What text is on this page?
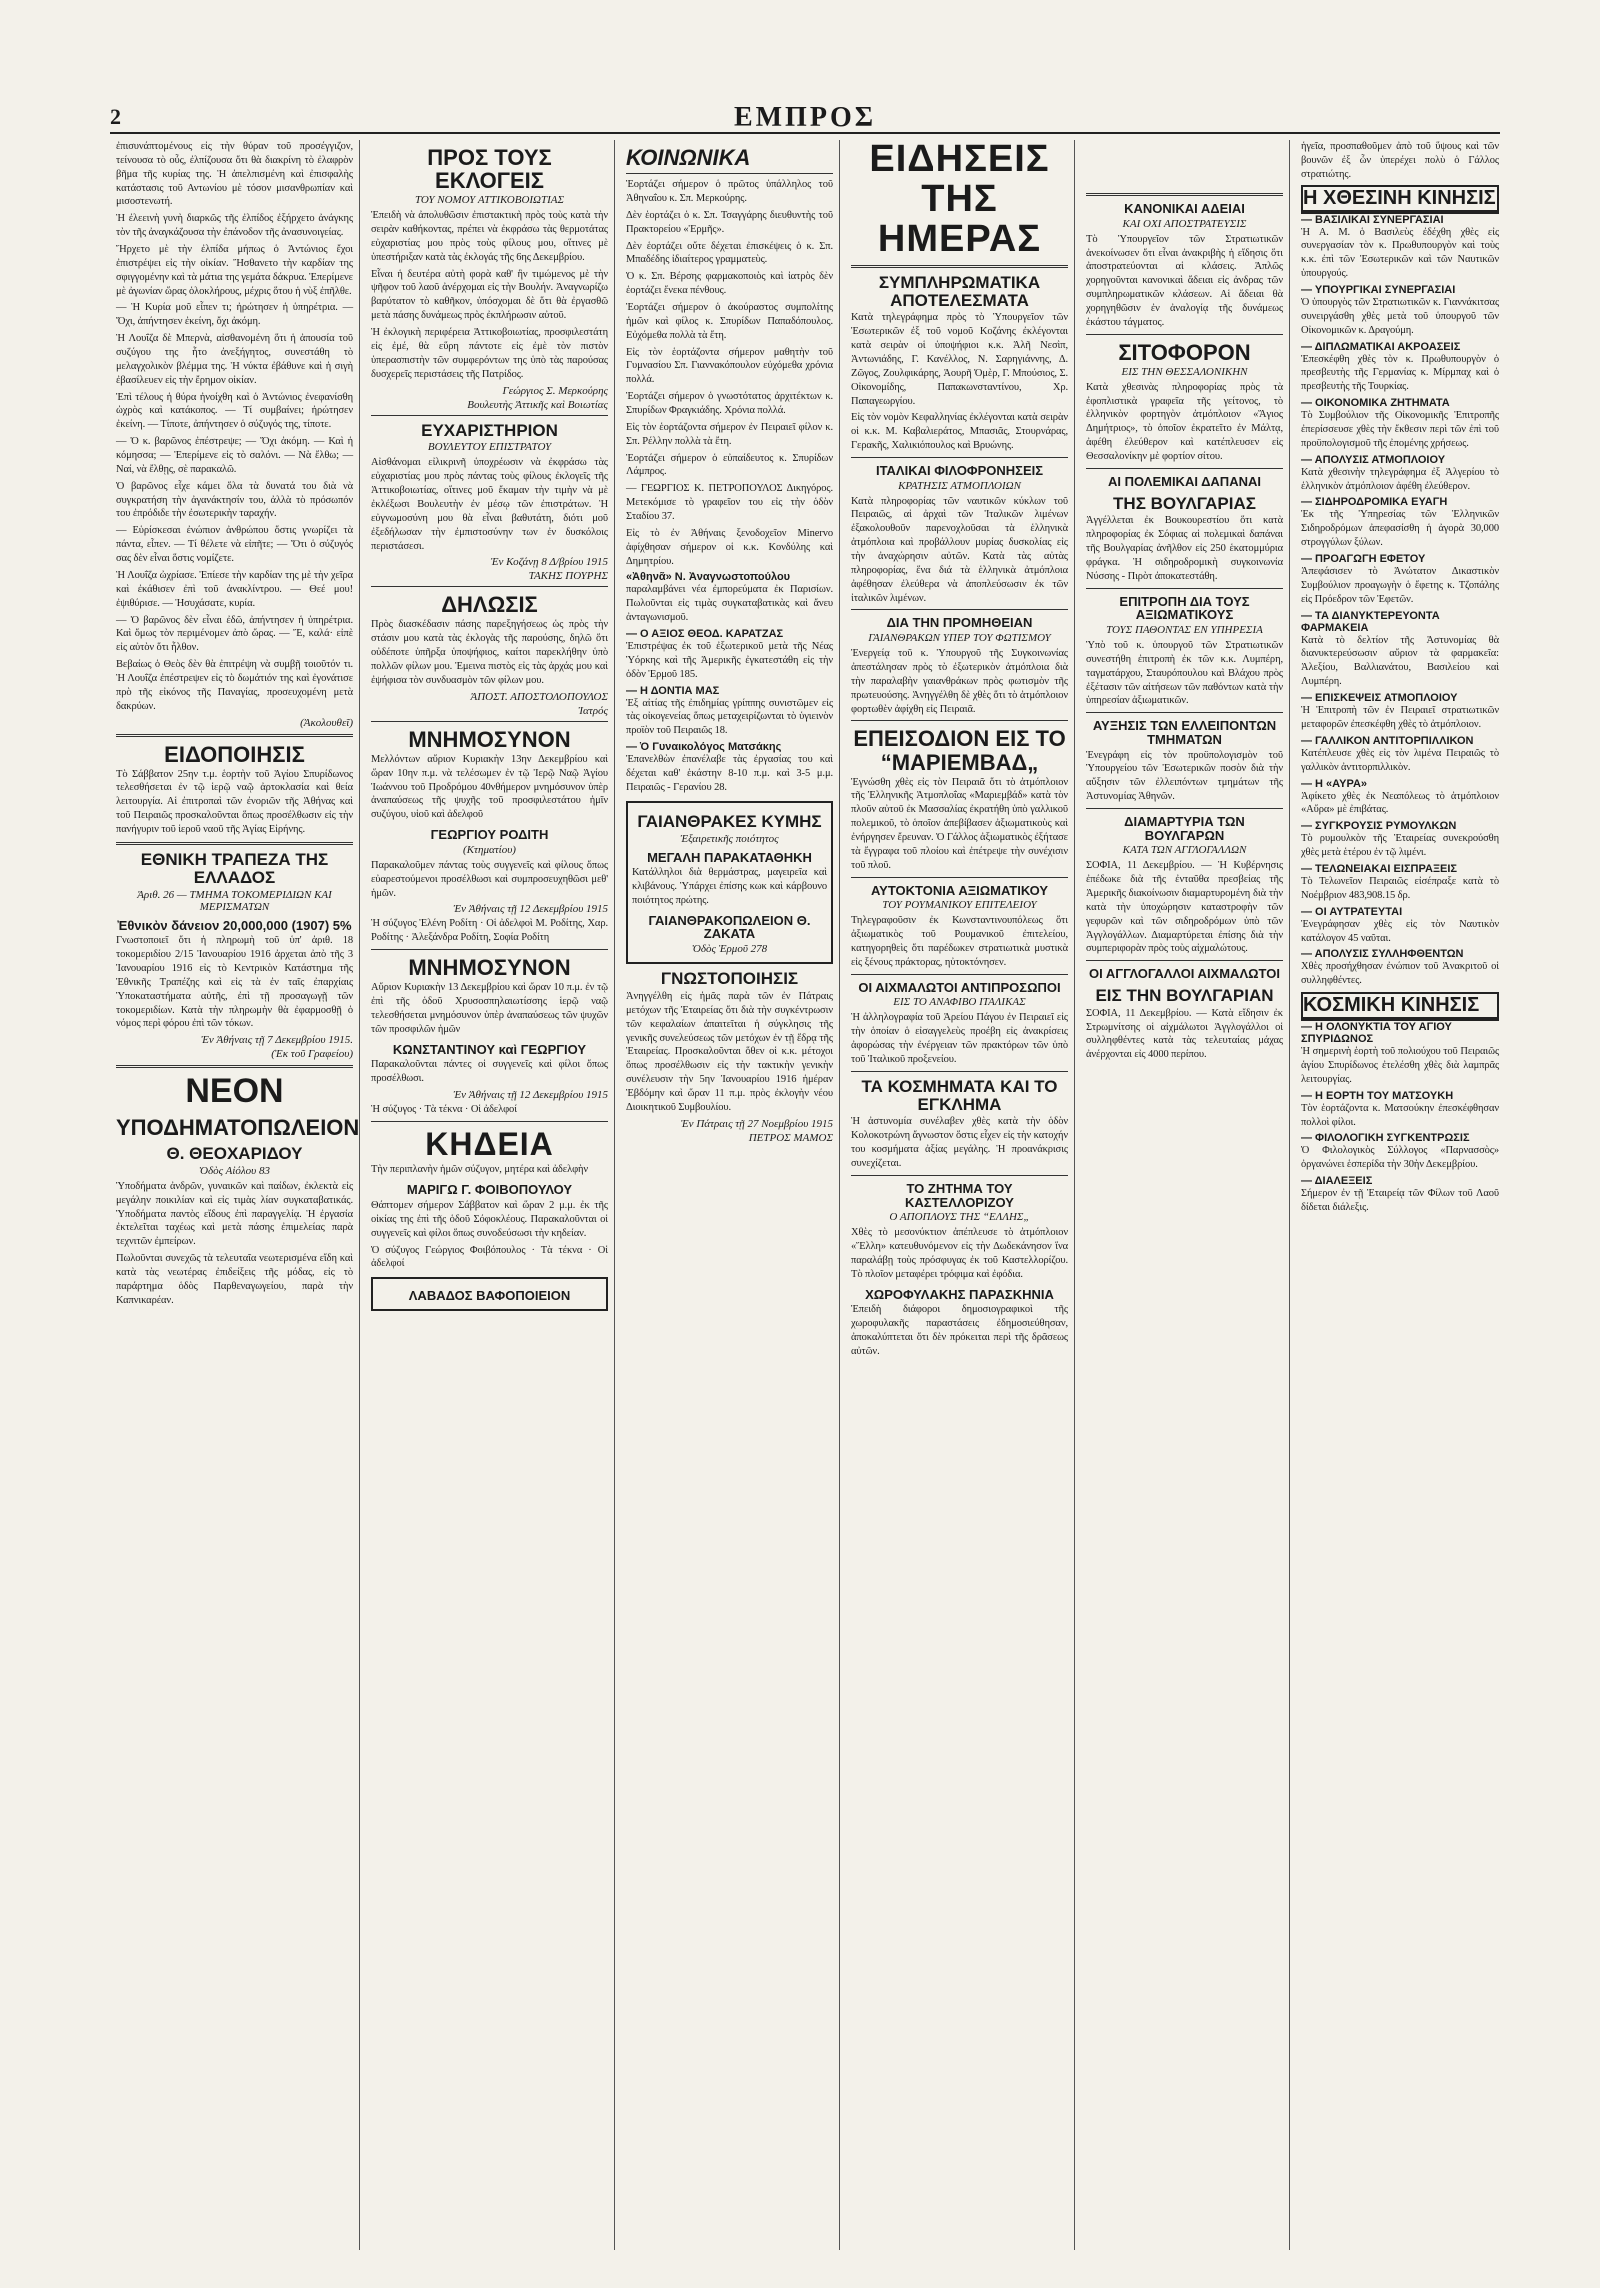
2	ΕΜΠΡΟΣ

ἐπισυνάπτομένους εἰς τὴν θύραν τοῦ προσέγγιζον, τείνουσα τὸ οὖς, ἐλπίζουσα ὅτι θὰ διακρίνη τὸ ἐλαφρὸν βῆμα τῆς κυρίας της. Ἡ ἀπελπισμένη καὶ ἐπισφαλὴς κατάστασις τοῦ Αντωνίου μὲ τόσον μισανθρωπίαν καὶ μισοστενωτή.

Ἡ ἐλεεινὴ γυνὴ διαρκῶς τῆς ἐλπίδος ἐξήρχετο ἀνάγκης τὸν τῆς ἀναγκάζουσα τὴν ἐπάνοδον τῆς ἀνασυνοιγείας.

Ἤρχετο μὲ τὴν ἐλπίδα μήπως ὁ Ἀντώνιος ἔχοι ἐπιστρέψει εἰς τὴν οἰκίαν. Ἤσθανετο τὴν καρδίαν της σφιγγομένην καὶ τὰ μάτια της γεμάτα δάκρυα. Ἐπερίμενε μὲ ἀγωνίαν ὥρας ὁλοκλήρους, μέχρις ὅτου ἡ νὺξ ἐπῆλθε.

— Ἡ Κυρία μοῦ εἶπεν τι; ἠρώτησεν ἡ ὑπηρέτρια. — Ὄχι, ἀπήντησεν ἐκείνη, ὄχι ἀκόμη.

Ἡ Λουΐζα δὲ Μπερνὰ, αἰσθανομένη ὅτι ἡ ἀπουσία τοῦ συζύγου της ἦτο ἀνεξήγητος, συνεστάθη τὸ μελαγχολικὸν βλέμμα της. Ἡ νύκτα ἐβάθυνε καὶ ἡ σιγὴ ἐβασίλευεν εἰς τὴν ἔρημον οἰκίαν.

Ἐπὶ τέλους ἡ θύρα ἠνοίχθη καὶ ὁ Ἀντώνιος ἐνεφανίσθη ὠχρὸς καὶ κατάκοπος. — Τί συμβαίνει; ἠρώτησεν ἐκείνη. — Τίποτε, ἀπήντησεν ὁ σύζυγός της, τίποτε.

— Ὁ κ. βαρῶνος ἐπέστρεψε; — Ὄχι ἀκόμη. — Καὶ ἡ κόμησσα; — Ἐπερίμενε εἰς τὸ σαλόνι. — Νὰ ἔλθω; — Ναί, νὰ ἔλθῃς, σὲ παρακαλῶ.

Ὁ βαρῶνος εἶχε κάμει ὅλα τὰ δυνατά του διὰ νὰ συγκρατήση τὴν ἀγανάκτησίν του, ἀλλὰ τὸ πρόσωπόν του ἐπρόδιδε τὴν ἐσωτερικὴν ταραχήν.

— Εὑρίσκεσαι ἐνώπιον ἀνθρώπου ὅστις γνωρίζει τὰ πάντα, εἶπεν. — Τί θέλετε νὰ εἰπῆτε; — Ὅτι ὁ σύζυγός σας δὲν εἶναι ὅστις νομίζετε.

Ἡ Λουΐζα ὠχρίασε. Ἐπίεσε τὴν καρδίαν της μὲ τὴν χεῖρα καὶ ἐκάθισεν ἐπὶ τοῦ ἀνακλίντρου. — Θεέ μου! ἐψιθύρισε. — Ἠσυχάσατε, κυρία.

— Ὁ βαρῶνος δὲν εἶναι ἐδῶ, ἀπήντησεν ἡ ὑπηρέτρια. Καὶ ὅμως τὸν περιμένομεν ἀπὸ ὥρας. — Ἔ, καλά· εἰπὲ εἰς αὐτὸν ὅτι ἦλθον.

Βεβαίως ὁ Θεὸς δὲν θὰ ἐπιτρέψη νὰ συμβῇ τοιοῦτόν τι. Ἡ Λουΐζα ἐπέστρεψεν εἰς τὸ δωμάτιόν της καὶ ἐγονάτισε πρὸ τῆς εἰκόνος τῆς Παναγίας, προσευχομένη μετὰ δακρύων.

(Ἀκολουθεῖ)
ΕΙΔΟΠΟΙΗΣΙΣ

Τὸ Σάββατον 25ην τ.μ. ἑορτὴν τοῦ Ἁγίου Σπυρίδωνος τελεσθήσεται ἐν τῷ ἱερῷ ναῷ ἀρτοκλασία καὶ θεία λειτουργία. Αἱ ἐπιτροπαὶ τῶν ἐνοριῶν τῆς Ἀθήνας καὶ τοῦ Πειραιῶς προσκαλοῦνται ὅπως προσέλθωσιν εἰς τὴν πανήγυριν τοῦ ἱεροῦ ναοῦ τῆς Ἁγίας Εἰρήνης.

ΕΘΝΙΚΗ ΤΡΑΠΕΖΑ ΤΗΣ ΕΛΛΑΔΟΣ
Ἀριθ. 26 — ΤΜΗΜΑ ΤΟΚΟΜΕΡΙΔΙΩΝ ΚΑΙ ΜΕΡΙΣΜΑΤΩΝ
Ἐθνικὸν δάνειον 20,000,000 (1907) 5%

Γνωστοποιεῖ ὅτι ἡ πληρωμὴ τοῦ ὑπ' ἀριθ. 18 τοκομεριδίου 2/15 Ἰανουαρίου 1916 ἀρχεται ἀπὸ τῆς 3 Ἰανουαρίου 1916 εἰς τὸ Κεντρικὸν Κατάστημα τῆς Ἐθνικῆς Τραπέζης καὶ εἰς τὰ ἐν ταῖς ἐπαρχίαις Ὑποκαταστήματα αὐτῆς, ἐπὶ τῇ προσαγωγῇ τῶν τοκομεριδίων. Κατὰ τὴν πληρωμὴν θὰ ἐφαρμοσθῇ ὁ νόμος περὶ φόρου ἐπὶ τῶν τόκων.

Ἐν Ἀθήναις τῇ 7 Δεκεμβρίου 1915.
(Ἐκ τοῦ Γραφείου)
ΝΕΟΝ
ΥΠΟΔΗΜΑΤΟΠΩΛΕΙΟΝ
Θ. ΘΕΟΧΑΡΙΔΟΥ
Ὁδὸς Αἰόλου 83

Ὑποδήματα ἀνδρῶν, γυναικῶν καὶ παίδων, ἐκλεκτὰ εἰς μεγάλην ποικιλίαν καὶ εἰς τιμὰς λίαν συγκαταβατικάς. Ὑποδήματα παντὸς εἴδους ἐπὶ παραγγελίᾳ. Ἡ ἐργασία ἐκτελεῖται ταχέως καὶ μετὰ πάσης ἐπιμελείας παρὰ τεχνιτῶν ἐμπείρων.

Πωλοῦνται συνεχῶς τὰ τελευταῖα νεωτερισμένα εἴδη καὶ κατὰ τὰς νεωτέρας ἐπιδείξεις τῆς μόδας, εἰς τὸ παράρτημα ὁδὸς Παρθεναγωγείου, παρὰ τὴν Καπνικαρέαν.

ΠΡΟΣ ΤΟΥΣ ΕΚΛΟΓΕΙΣ
ΤΟΥ ΝΟΜΟΥ ΑΤΤΙΚΟΒΟΙΩΤΙΑΣ

Ἐπειδὴ νὰ ἀπολυθῶσιν ἐπιστακτικὴ πρὸς τοὺς κατὰ τὴν σειρὰν καθήκοντας, πρέπει νὰ ἐκφράσω τὰς θερμοτάτας εὐχαριστίας μου πρὸς τοὺς φίλους μου, οἵτινες μὲ ὑπεστήριξαν κατὰ τὰς ἐκλογάς τῆς 6ης Δεκεμβρίου.

Εἶναι ἡ δευτέρα αὐτὴ φορὰ καθ' ἣν τιμώμενος μὲ τὴν ψῆφον τοῦ λαοῦ ἀνέρχομαι εἰς τὴν Βουλήν. Ἀναγνωρίζω βαρύτατον τὸ καθῆκον, ὑπόσχομαι δὲ ὅτι θὰ ἐργασθῶ μετὰ πάσης δυνάμεως πρὸς ἐκπλήρωσιν αὐτοῦ.

Ἡ ἐκλογικὴ περιφέρεια Ἀττικοβοιωτίας, προσφιλεστάτη εἰς ἐμέ, θὰ εὕρη πάντοτε εἰς ἐμὲ τὸν πιστὸν ὑπερασπιστὴν τῶν συμφερόντων της ὑπὸ τὰς παρούσας δυσχερεῖς περιστάσεις τῆς Πατρίδος.

Γεώργιος Σ. Μερκούρης
Βουλευτὴς Ἀττικῆς καὶ Βοιωτίας
ΕΥΧΑΡΙΣΤΗΡΙΟΝ
ΒΟΥΛΕΥΤΟΥ ΕΠΙΣΤΡΑΤΟΥ

Αἰσθάνομαι εἰλικρινῆ ὑποχρέωσιν νὰ ἐκφράσω τὰς εὐχαριστίας μου πρὸς πάντας τοὺς φίλους ἐκλογεῖς τῆς Ἀττικοβοιωτίας, οἵτινες μοῦ ἔκαμαν τὴν τιμὴν νὰ μὲ ἐκλέξωσι Βουλευτὴν ἐν μέσῳ τῶν ἐπιστράτων. Ἡ εὐγνωμοσύνη μου θὰ εἶναι βαθυτάτη, διότι μοῦ ἐξεδήλωσαν τὴν ἐμπιστοσύνην των ἐν δυσκόλοις περιστάσεσι.

Ἐν Κοζάνῃ 8 Δ/βρίου 1915
ΤΑΚΗΣ ΠΟΥΡΗΣ
ΔΗΛΩΣΙΣ

Πρὸς διασκέδασιν πάσης παρεξηγήσεως ὡς πρὸς τὴν στάσιν μου κατὰ τὰς ἐκλογὰς τῆς παρούσης, δηλῶ ὅτι οὐδέποτε ὑπῆρξα ὑποψήφιος, καίτοι παρεκλήθην ὑπὸ πολλῶν φίλων μου. Ἐμεινα πιστὸς εἰς τὰς ἀρχάς μου καὶ ἐψήφισα τὸν συνδυασμὸν τῶν φίλων μου.

ἈΠΟΣΤ. ΑΠΟΣΤΟΛΟΠΟΥΛΟΣ
Ἰατρός
ΜΝΗΜΟΣΥΝΟΝ

Μελλόντων αὔριον Κυριακὴν 13ην Δεκεμβρίου καὶ ὥραν 10ην π.μ. νὰ τελέσωμεν ἐν τῷ Ἱερῷ Ναῷ Ἁγίου Ἰωάννου τοῦ Προδρόμου 40νθήμερον μνημόσυνον ὑπὲρ ἀναπαύσεως τῆς ψυχῆς τοῦ προσφιλεστάτου ἡμῖν συζύγου, υἱοῦ καὶ ἀδελφοῦ

ΓΕΩΡΓΙΟΥ ΡΟΔΙΤΗ
(Κτηματίου)

Παρακαλοῦμεν πάντας τοὺς συγγενεῖς καὶ φίλους ὅπως εὐαρεστούμενοι προσέλθωσι καὶ συμπροσευχηθῶσι μεθ' ἡμῶν.

Ἐν Ἀθήναις τῇ 12 Δεκεμβρίου 1915

Ἡ σύζυγος Ἑλένη Ροδίτη · Οἱ ἀδελφοὶ Μ. Ροδίτης, Χαρ. Ροδίτης · Ἀλεξάνδρα Ροδίτη, Σοφία Ροδίτη

ΜΝΗΜΟΣΥΝΟΝ

Αὔριον Κυριακὴν 13 Δεκεμβρίου καὶ ὥραν 10 π.μ. ἐν τῷ ἐπὶ τῆς ὁδοῦ Χρυσοσπηλαιωτίσσης ἱερῷ ναῷ τελεσθήσεται μνημόσυνον ὑπὲρ ἀναπαύσεως τῶν ψυχῶν τῶν προσφιλῶν ἡμῶν

ΚΩΝΣΤΑΝΤΙΝΟΥ καὶ ΓΕΩΡΓΙΟΥ

Παρακαλοῦνται πάντες οἱ συγγενεῖς καὶ φίλοι ὅπως προσέλθωσι.

Ἐν Ἀθήναις τῇ 12 Δεκεμβρίου 1915

Ἡ σύζυγος · Τὰ τέκνα · Οἱ ἀδελφοί

ΚΗΔΕΙΑ

Τὴν περιπλανὴν ἡμῶν σύζυγον, μητέρα καὶ ἀδελφὴν

ΜΑΡΙΓΩ Γ. ΦΟΙΒΟΠΟΥΛΟΥ

Θάπτομεν σήμερον Σάββατον καὶ ὥραν 2 μ.μ. ἐκ τῆς οἰκίας της ἐπὶ τῆς ὁδοῦ Σόφοκλέους. Παρακαλοῦνται οἱ συγγενεῖς καὶ φίλοι ὅπως συνοδεύσωσι τὴν κηδείαν.

Ὁ σύζυγος Γεώργιος Φοιβόπουλος · Τὰ τέκνα · Οἱ ἀδελφοί

ΛΑΒΑΔΟΣ ΒΑΦΟΠΟΙΕΙΟΝ
ΚΟΙΝΩΝΙΚΑ

Ἑορτάζει σήμερον ὁ πρῶτος ὑπάλληλος τοῦ Ἀθηναΐου κ. Σπ. Μερκούρης.

Δὲν ἑορτάζει ὁ κ. Σπ. Τσαγγάρης διευθυντὴς τοῦ Πρακτορείου «Ἑρμῆς».

Δὲν ἑορτάζει οὔτε δέχεται ἐπισκέψεις ὁ κ. Σπ. Μπαδέδης ἰδιαίτερος γραμματεὺς.

Ὁ κ. Σπ. Βέρσης φαρμακοποιὸς καὶ ἰατρὸς δὲν ἑορτάζει ἕνεκα πένθους.

Ἑορτάζει σήμερον ὁ ἀκούραστος συμπολίτης ἡμῶν καὶ φίλος κ. Σπυρίδων Παπαδόπουλος. Εὐχόμεθα πολλὰ τὰ ἔτη.

Εἰς τὸν ἑορτάζοντα σήμερον μαθητὴν τοῦ Γυμνασίου Σπ. Γιαννακόπουλον εὐχόμεθα χρόνια πολλά.

Ἑορτάζει σήμερον ὁ γνωστότατος ἀρχιτέκτων κ. Σπυρίδων Φραγκιάδης. Χρόνια πολλά.

Εἰς τὸν ἑορτάζοντα σήμερον ἐν Πειραιεῖ φίλον κ. Σπ. Ρέλλην πολλὰ τὰ ἔτη.

Ἑορτάζει σήμερον ὁ εὐπαίδευτος κ. Σπυρίδων Λάμπρος.

— ΓΕΩΡΓΙΟΣ Κ. ΠΕΤΡΟΠΟΥΛΟΣ Δικηγόρος. Μετεκόμισε τὸ γραφεῖον του εἰς τὴν ὁδὸν Σταδίου 37.

Εἰς τὸ ἐν Ἀθήναις ξενοδοχεῖον Minervo ἀφίχθησαν σήμερον οἱ κ.κ. Κονδύλης καὶ Δημητρίου.

«Ἀθηνᾶ» Ν. Ἀναγνωστοπούλου

παραλαμβάνει νέα ἐμπορεύματα ἐκ Παρισίων. Πωλοῦνται εἰς τιμὰς συγκαταβατικὰς καὶ ἄνευ ἀνταγωνισμοῦ.

— Ο ΑΞΙΟΣ ΘΕΟΔ. ΚΑΡΑΤΖΑΣ

Ἐπιστρέψας ἐκ τοῦ ἐξωτερικοῦ μετὰ τῆς Νέας Ὑόρκης καὶ τῆς Ἀμερικῆς ἐγκατεστάθη εἰς τὴν ὁδὸν Ἑρμοῦ 185.

— Η ΔΟΝΤΙΑ ΜΑΣ

Ἐξ αἰτίας τῆς ἐπιδημίας γρίππης συνιστῶμεν εἰς τὰς οἰκογενείας ὅπως μεταχειρίζωνται τὸ ὑγιεινὸν προϊὸν τοῦ Πειραιῶς 18.

— Ὁ Γυναικολόγος Ματσάκης

Ἐπανελθὼν ἐπανέλαβε τὰς ἐργασίας του καὶ δέχεται καθ' ἑκάστην 8-10 π.μ. καὶ 3-5 μ.μ. Πειραιῶς - Γερανίου 28.

ΓΑΙΑΝΘΡΑΚΕΣ ΚΥΜΗΣ
Ἐξαιρετικῆς ποιότητος
ΜΕΓΑΛΗ ΠΑΡΑΚΑΤΑΘΗΚΗ

Κατάλληλοι διὰ θερμάστρας, μαγειρεῖα καὶ κλιβάνους. Ὑπάρχει ἐπίσης κωκ καὶ κάρβουνο ποιότητος πρώτης.

ΓΑΙΑΝΘΡΑΚΟΠΩΛΕΙΟΝ Θ. ΖΑΚΑΤΑ
Ὁδὸς Ἑρμοῦ 278
ΓΝΩΣΤΟΠΟΙΗΣΙΣ

Ἀνηγγέλθη εἰς ἡμᾶς παρὰ τῶν ἐν Πάτραις μετόχων τῆς Ἐταιρείας ὅτι διὰ τὴν συγκέντρωσιν τῶν κεφαλαίων ἀπαιτεῖται ἡ σύγκλησις τῆς γενικῆς συνελεύσεως τῶν μετόχων ἐν τῇ ἕδρᾳ τῆς Ἑταιρείας. Προσκαλοῦνται ὅθεν οἱ κ.κ. μέτοχοι ὅπως προσέλθωσιν εἰς τὴν τακτικὴν γενικὴν συνέλευσιν τὴν 5ην Ἰανουαρίου 1916 ἡμέραν Ἑβδόμην καὶ ὥραν 11 π.μ. πρὸς ἐκλογὴν νέου Διοικητικοῦ Συμβουλίου.

Ἐν Πάτραις τῇ 27 Νοεμβρίου 1915
ΠΕΤΡΟΣ ΜΑΜΟΣ
ΕΙΔΗΣΕΙΣ ΤΗΣ ΗΜΕΡΑΣ
ΣΥΜΠΛΗΡΩΜΑΤΙΚΑ ΑΠΟΤΕΛΕΣΜΑΤΑ

Κατὰ τηλεγράφημα πρὸς τὸ Ὑπουργεῖον τῶν Ἐσωτερικῶν ἐξ τοῦ νομοῦ Κοζάνης ἐκλέγονται κατὰ σειρὰν οἱ ὑποψήφιοι κ.κ. Ἀλῆ Νεσὶπ, Ἀντωνιάδης, Γ. Κανέλλος, Ν. Σαρηγιάννης, Δ. Ζῶγος, Ζουλφικάρης, Ἀουρῆ Ὀμὲρ, Γ. Μπούσιος, Σ. Οἰκονομίδης, Παπακωνσταντίνου, Χρ. Παπαγεωργίου.

Εἰς τὸν νομὸν Κεφαλληνίας ἐκλέγονται κατὰ σειρὰν οἱ κ.κ. Μ. Καβαλιεράτος, Μπασιᾶς, Στουρνάρας, Γερακῆς, Χαλικιόπουλος καὶ Βρυώνης.

ΙΤΑΛΙΚΑΙ ΦΙΛΟΦΡΟΝΗΣΕΙΣ
ΚΡΑΤΗΣΙΣ ΑΤΜΟΠΛΟΙΩΝ

Κατὰ πληροφορίας τῶν ναυτικῶν κύκλων τοῦ Πειραιῶς, αἱ ἀρχαὶ τῶν Ἰταλικῶν λιμένων ἐξακολουθοῦν παρενοχλοῦσαι τὰ ἑλληνικὰ ἀτμόπλοια καὶ προβάλλουν μυρίας δυσκολίας εἰς τὴν ἀναχώρησιν αὐτῶν. Κατὰ τὰς αὐτὰς πληροφορίας, ἕνα διά τὰ ἑλληνικὰ ἀτμόπλοια ἀφέθησαν ἐλεύθερα νὰ ἀποπλεύσωσιν ἐκ τῶν ἰταλικῶν λιμένων.

ΔΙΑ ΤΗΝ ΠΡΟΜΗΘΕΙΑΝ
ΓΑΙΑΝΘΡΑΚΩΝ ΥΠΕΡ ΤΟΥ ΦΩΤΙΣΜΟΥ

Ἐνεργείᾳ τοῦ κ. Ὑπουργοῦ τῆς Συγκοινωνίας ἀπεστάλησαν πρὸς τὸ ἐξωτερικὸν ἀτμόπλοια διὰ τὴν παραλαβὴν γαιανθράκων πρὸς φωτισμὸν τῆς πρωτευούσης. Ἀνηγγέλθη δὲ χθὲς ὅτι τὸ ἀτμόπλοιον φορτωθὲν ἀφίχθη εἰς Πειραιᾶ.

ΕΠΕΙΣΟΔΙΟΝ ΕΙΣ ΤΟ “ΜΑΡΙΕΜΒΑΔ„

Ἐγνώσθη χθὲς εἰς τὸν Πειραιᾶ ὅτι τὸ ἀτμόπλοιον τῆς Ἐλληνικῆς Ἀτμοπλοΐας «Μαριεμβάδ» κατὰ τὸν πλοῦν αὐτοῦ ἐκ Μασσαλίας ἐκρατήθη ὑπὸ γαλλικοῦ πολεμικοῦ, τὸ ὁποῖον ἀπεβίβασεν ἀξιωματικοὺς καὶ ἐνήργησεν ἔρευναν. Ὁ Γάλλος ἀξιωματικὸς ἐξήτασε τὰ ἔγγραφα τοῦ πλοίου καὶ ἐπέτρεψε τὴν συνέχισιν τοῦ πλοῦ.

ΑΥΤΟΚΤΟΝΙΑ ΑΞΙΩΜΑΤΙΚΟΥ
ΤΟΥ ΡΟΥΜΑΝΙΚΟΥ ΕΠΙΤΕΛΕΙΟΥ

Τηλεγραφοῦσιν ἐκ Κωνσταντινουπόλεως ὅτι ἀξιωματικὸς τοῦ Ρουμανικοῦ ἐπιτελείου, κατηγορηθεὶς ὅτι παρέδωκεν στρατιωτικὰ μυστικὰ εἰς ξένους πράκτορας, ηὐτοκτόνησεν.

ΟΙ ΑΙΧΜΑΛΩΤΟΙ ΑΝΤΙΠΡΟΣΩΠΟΙ
ΕΙΣ ΤΟ ΑΝΑΦΙΒΟ ΙΤΑΛΙΚΑΣ

Ἡ ἀλληλογραφία τοῦ Ἀρείου Πάγου ἐν Πειραιεῖ εἰς τὴν ὁποίαν ὁ εἰσαγγελεὺς προέβη εἰς ἀνακρίσεις ἀφορώσας τὴν ἐνέργειαν τῶν πρακτόρων τῶν ὑπὸ τοῦ Ἰταλικοῦ προξενείου.

ΤΑ ΚΟΣΜΗΜΑΤΑ ΚΑΙ ΤΟ ΕΓΚΛΗΜΑ

Ἡ ἀστυνομία συνέλαβεν χθὲς κατὰ τὴν ὁδὸν Κολοκοτρώνη ἄγνωστον ὅστις εἶχεν εἰς τὴν κατοχήν του κοσμήματα ἀξίας μεγάλης. Ἡ προανάκρισις συνεχίζεται.

ΤΟ ΖΗΤΗΜΑ ΤΟΥ ΚΑΣΤΕΛΛΟΡΙΖΟΥ
Ο ΑΠΟΠΛΟΥΣ ΤΗΣ “ΕΛΛΗΣ„

Χθὲς τὸ μεσονύκτιον ἀπέπλευσε τὸ ἀτμόπλοιον «Ἕλλη» κατευθυνόμενον εἰς τὴν Δωδεκάνησον ἵνα παραλάβῃ τοὺς πρόσφυγας ἐκ τοῦ Καστελλορίζου. Τὸ πλοῖον μεταφέρει τρόφιμα καὶ ἐφόδια.

ΧΩΡΟΦΥΛΑΚΗΣ ΠΑΡΑΣΚΗΝΙΑ

Ἐπειδὴ διάφοροι δημοσιογραφικοὶ τῆς χωροφυλακῆς παραστάσεις ἐδημοσιεύθησαν, ἀποκαλύπτεται ὅτι δὲν πρόκειται περὶ τῆς δρᾶσεως αὐτῶν.

ΚΑΝΟΝΙΚΑΙ ΑΔΕΙΑΙ
ΚΑΙ ΟΧΙ ΑΠΟΣΤΡΑΤΕΥΣΙΣ

Τὸ Ὑπουργεῖον τῶν Στρατιωτικῶν ἀνεκοίνωσεν ὅτι εἶναι ἀνακριβὴς ἡ εἴδησις ὅτι ἀποστρατεύονται αἱ κλάσεις. Ἀπλῶς χορηγοῦνται κανονικαὶ ἄδειαι εἰς ἀνδρας τῶν συμπληρωματικῶν κλάσεων. Αἱ ἄδειαι θὰ χορηγηθῶσιν ἐν ἀναλογίᾳ τῆς δυνάμεως ἑκάστου τάγματος.

ΣΙΤΟΦΟΡΟΝ
ΕΙΣ ΤΗΝ ΘΕΣΣΑΛΟΝΙΚΗΝ

Κατὰ χθεσινὰς πληροφορίας πρὸς τὰ ἐφοπλιστικὰ γραφεῖα τῆς γείτονος, τὸ ἑλληνικὸν φορτηγὸν ἀτμόπλοιον «Ἅγιος Δημήτριος», τὸ ὁποῖον ἐκρατεῖτο ἐν Μάλτᾳ, ἀφέθη ἐλεύθερον καὶ κατέπλευσεν εἰς Θεσσαλονίκην μὲ φορτίον σίτου.

ΑΙ ΠΟΛΕΜΙΚΑΙ ΔΑΠΑΝΑΙ
ΤΗΣ ΒΟΥΛΓΑΡΙΑΣ

Ἀγγέλλεται ἐκ Βουκουρεστίου ὅτι κατὰ πληροφορίας ἐκ Σόφιας αἱ πολεμικαὶ δαπάναι τῆς Βουλγαρίας ἀνῆλθον εἰς 250 ἑκατομμύρια φράγκα. Ἡ σιδηροδρομικὴ συγκοινωνία Νύσσης - Πιρὸτ ἀποκατεστάθη.

ΕΠΙΤΡΟΠΗ ΔΙΑ ΤΟΥΣ ΑΞΙΩΜΑΤΙΚΟΥΣ
ΤΟΥΣ ΠΑΘΟΝΤΑΣ ΕΝ ΥΠΗΡΕΣΙΑ

Ὑπὸ τοῦ κ. ὑπουργοῦ τῶν Στρατιωτικῶν συνεστήθη ἐπιτροπὴ ἐκ τῶν κ.κ. Λυμπέρη, ταγματάρχου, Σταυρόπουλου καὶ Βλάχου πρὸς ἐξέτασιν τῶν αἰτήσεων τῶν παθόντων κατὰ τὴν ὑπηρεσίαν ἀξιωματικῶν.

ΑΥΞΗΣΙΣ ΤΩΝ ΕΛΛΕΙΠΟΝΤΩΝ ΤΜΗΜΑΤΩΝ

Ἐνεγράφη εἰς τὸν προϋπολογισμὸν τοῦ Ὑπουργείου τῶν Ἐσωτερικῶν ποσὸν διὰ τὴν αὔξησιν τῶν ἐλλειπόντων τμημάτων τῆς Ἀστυνομίας Ἀθηνῶν.

ΔΙΑΜΑΡΤΥΡΙΑ ΤΩΝ ΒΟΥΛΓΑΡΩΝ
ΚΑΤΑ ΤΩΝ ΑΓΓΛΟΓΑΛΛΩΝ

ΣΟΦΙΑ, 11 Δεκεμβρίου. — Ἡ Κυβέρνησις ἐπέδωκε διὰ τῆς ἐνταῦθα πρεσβείας τῆς Ἀμερικῆς διακοίνωσιν διαμαρτυρομένη διὰ τὴν κατὰ τὴν ὑποχώρησιν καταστροφὴν τῶν γεφυρῶν καὶ τῶν σιδηροδρόμων ὑπὸ τῶν Ἀγγλογάλλων. Διαμαρτύρεται ἐπίσης διὰ τὴν συμπεριφορὰν πρὸς τοὺς αἰχμαλώτους.

ΟΙ ΑΓΓΛΟΓΑΛΛΟΙ ΑΙΧΜΑΛΩΤΟΙ
ΕΙΣ ΤΗΝ ΒΟΥΛΓΑΡΙΑΝ

ΣΟΦΙΑ, 11 Δεκεμβρίου. — Κατὰ εἴδησιν ἐκ Στρωμνίτσης οἱ αἰχμάλωτοι Ἀγγλογάλλοι οἱ συλληφθέντες κατὰ τὰς τελευταίας μάχας ἀνέρχονται εἰς 4000 περίπου.

ἡγεῖα, προσπαθοῦμεν ἀπὸ τοῦ ὕψους καὶ τῶν βουνῶν ἐξ ὧν ὑπερέχει πολὺ ὁ Γάλλος στρατιώτης.

Η ΧΘΕΣΙΝΗ ΚΙΝΗΣΙΣ
— ΒΑΣΙΛΙΚΑΙ ΣΥΝΕΡΓΑΣΙΑΙ

Ἡ Α. Μ. ὁ Βασιλεὺς ἐδέχθη χθὲς εἰς συνεργασίαν τὸν κ. Πρωθυπουργὸν καὶ τοὺς κ.κ. ἐπὶ τῶν Ἐσωτερικῶν καὶ τῶν Ναυτικῶν ὑπουργούς.

— ΥΠΟΥΡΓΙΚΑΙ ΣΥΝΕΡΓΑΣΙΑΙ

Ὁ ὑπουργὸς τῶν Στρατιωτικῶν κ. Γιαννάκιτσας συνειργάσθη χθὲς μετὰ τοῦ ὑπουργοῦ τῶν Οἰκονομικῶν κ. Δραγούμη.

— ΔΙΠΛΩΜΑΤΙΚΑΙ ΑΚΡΟΑΣΕΙΣ

Ἐπεσκέφθη χθὲς τὸν κ. Πρωθυπουργὸν ὁ πρεσβευτὴς τῆς Γερμανίας κ. Μίρμπαχ καὶ ὁ πρεσβευτὴς τῆς Τουρκίας.

— ΟΙΚΟΝΟΜΙΚΑ ΖΗΤΗΜΑΤΑ

Τὸ Συμβούλιον τῆς Οἰκονομικῆς Ἐπιτροπῆς ἐπερίσσευσε χθὲς τὴν ἔκθεσιν περὶ τῶν ἐπὶ τοῦ προϋπολογισμοῦ τῆς ἐπομένης χρήσεως.

— ΑΠΟΛΥΣΙΣ ΑΤΜΟΠΛΟΙΟΥ

Κατὰ χθεσινὴν τηλεγράφημα ἐξ Ἀλγερίου τὸ ἑλληνικὸν ἀτμόπλοιον ἀφέθη ἐλεύθερον.

— ΣΙΔΗΡΟΔΡΟΜΙΚΑ ΕΥΑΓΗ

Ἐκ τῆς Ὑπηρεσίας τῶν Ἑλληνικῶν Σιδηροδρόμων ἀπεφασίσθη ἡ ἀγορὰ 30,000 στρογγύλων ξύλων.

— ΠΡΟΑΓΩΓΗ ΕΦΕΤΟΥ

Ἀπεφάσισεν τὸ Ἀνώτατον Δικαστικὸν Συμβούλιον προαγωγὴν ὁ ἔφετης κ. Τζοπάλης εἰς Πρόεδρον τῶν Ἐφετῶν.

— ΤΑ ΔΙΑΝΥΚΤΕΡΕΥΟΝΤΑ ΦΑΡΜΑΚΕΙΑ

Κατὰ τὸ δελτίον τῆς Ἀστυνομίας θὰ διανυκτερεύσωσιν αὔριον τὰ φαρμακεῖα: Ἀλεξίου, Βαλλιανάτου, Βασιλείου καὶ Λυμπέρη.

— ΕΠΙΣΚΕΨΕΙΣ ΑΤΜΟΠΛΟΙΟΥ

Ἡ Ἐπιτροπὴ τῶν ἐν Πειραιεῖ στρατιωτικῶν μεταφορῶν ἐπεσκέφθη χθὲς τὸ ἀτμόπλοιον.

— ΓΑΛΛΙΚΟΝ ΑΝΤΙΤΟΡΠΙΛΛΙΚΟΝ

Κατέπλευσε χθὲς εἰς τὸν λιμένα Πειραιῶς τὸ γαλλικὸν ἀντιτορπιλλικὸν.

— Η «ΑΥΡΑ»

Ἀφίκετο χθὲς ἐκ Νεαπόλεως τὸ ἀτμόπλοιον «Αὔρα» μὲ ἐπιβάτας.

— ΣΥΓΚΡΟΥΣΙΣ ΡΥΜΟΥΛΚΩΝ

Τὸ ρυμουλκὸν τῆς Ἑταιρείας συνεκρούσθη χθὲς μετὰ ἑτέρου ἐν τῷ λιμένι.

— ΤΕΛΩΝΕΙΑΚΑΙ ΕΙΣΠΡΑΞΕΙΣ

Τὸ Τελωνεῖον Πειραιῶς εἰσέπραξε κατὰ τὸ Νοέμβριον 483,908.15 δρ.

— ΟΙ ΑΥΤΡΑΤΕΥΤΑΙ

Ἐνεγράφησαν χθὲς εἰς τὸν Ναυτικὸν κατάλογον 45 ναῦται.

— ΑΠΟΛΥΣΙΣ ΣΥΛΛΗΦΘΕΝΤΩΝ

Χθὲς προσήχθησαν ἐνώπιον τοῦ Ἀνακριτοῦ οἱ συλληφθέντες.

ΚΟΣΜΙΚΗ ΚΙΝΗΣΙΣ
— Η ΟΛΟΝΥΚΤΙΑ ΤΟΥ ΑΓΙΟΥ ΣΠΥΡΙΔΩΝΟΣ

Ἡ σημερινὴ ἑορτὴ τοῦ πολιούχου τοῦ Πειραιῶς ἁγίου Σπυρίδωνος ἐτελέσθη χθὲς διὰ λαμπρᾶς λειτουργίας.

— Η ΕΟΡΤΗ ΤΟΥ ΜΑΤΣΟΥΚΗ

Τὸν ἑορτάζοντα κ. Ματσούκην ἐπεσκέφθησαν πολλοὶ φίλοι.

— ΦΙΛΟΛΟΓΙΚΗ ΣΥΓΚΕΝΤΡΩΣΙΣ

Ὁ Φιλολογικὸς Σύλλογος «Παρνασσὸς» ὀργανώνει ἑσπερίδα τὴν 30ὴν Δεκεμβρίου.

— ΔΙΑΛΕΞΕΙΣ

Σήμερον ἐν τῇ Ἑταιρείᾳ τῶν Φίλων τοῦ Λαοῦ δίδεται διάλεξις.
